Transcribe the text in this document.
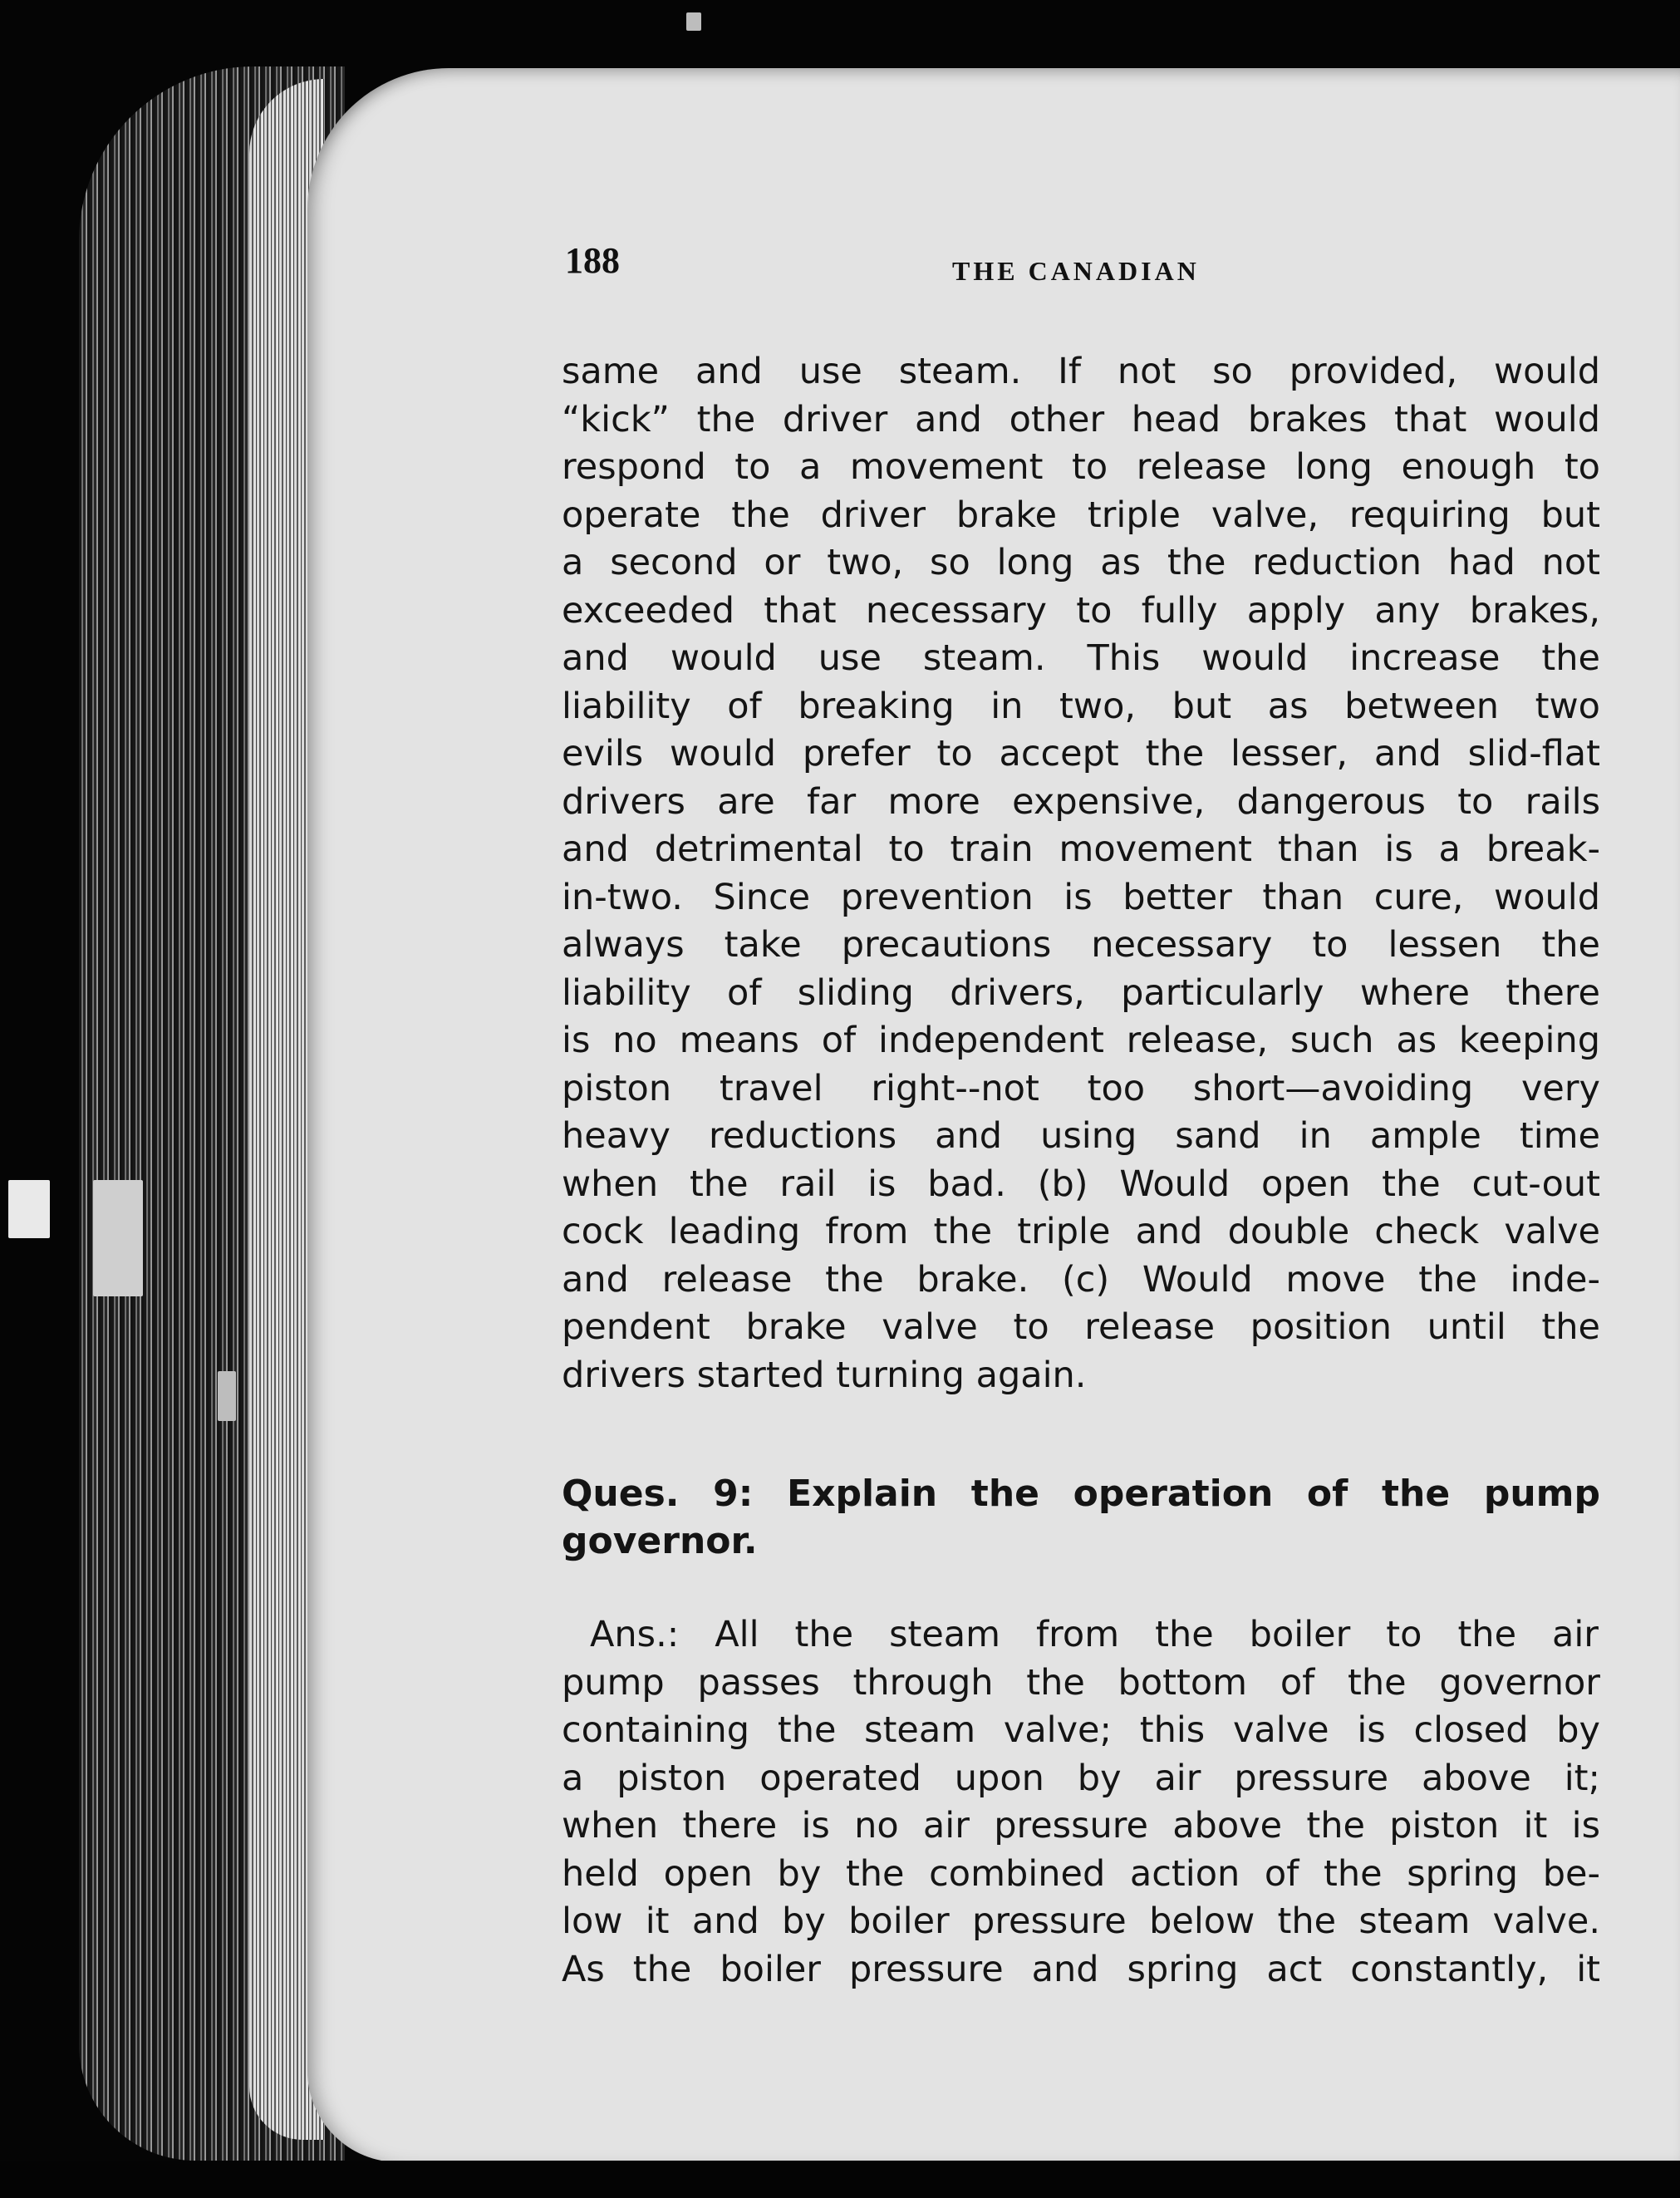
188	THE CANADIAN
same and use steam. If not so provided, would
“kick” the driver and other head brakes that would
respond to a movement to release long enough to
operate the driver brake triple valve, requiring but
a second or two, so long as the reduction had not
exceeded that necessary to fully apply any brakes,
and would use steam. This would increase the
liability of breaking in two, but as between two
evils would prefer to accept the lesser, and slid-flat
drivers are far more expensive, dangerous to rails
and detrimental to train movement than is a break-
in-two. Since prevention is better than cure, would
always take precautions necessary to lessen the
liability of sliding drivers, particularly where there
is no means of independent release, such as keeping
piston travel right--not too short—avoiding very
heavy reductions and using sand in ample time
when the rail is bad. (b) Would open the cut-out
cock leading from the triple and double check valve
and release the brake. (c) Would move the inde-
pendent brake valve to release position until the
drivers started turning again.
Ques. 9: Explain the operation of the pump
governor.
Ans.: All the steam from the boiler to the air
pump passes through the bottom of the governor
containing the steam valve; this valve is closed by
a piston operated upon by air pressure above it;
when there is no air pressure above the piston it is
held open by the combined action of the spring be-
low it and by boiler pressure below the steam valve.
As the boiler pressure and spring act constantly, it
